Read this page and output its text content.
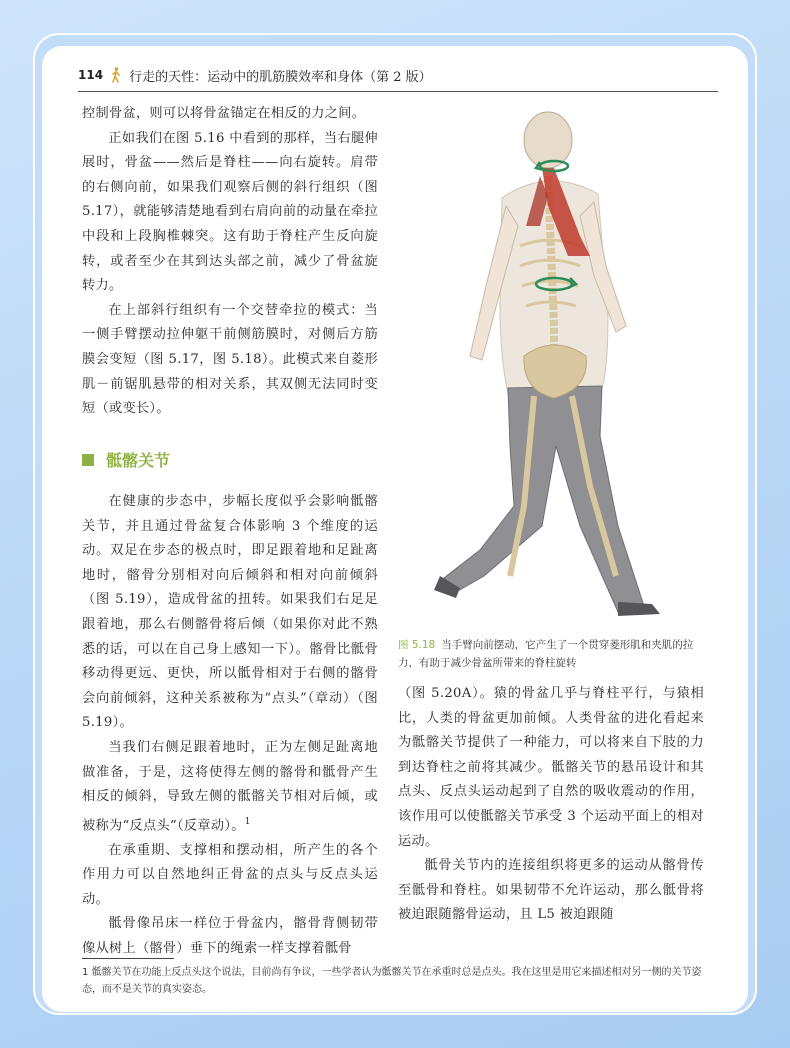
114 行走的天性：运动中的肌筋膜效率和身体（第 2 版）

控制骨盆，则可以将骨盆锚定在相反的力之间。

正如我们在图 5.16 中看到的那样，当右腿伸展时，骨盆——然后是脊柱——向右旋转。肩带的右侧向前，如果我们观察后侧的斜行组织（图 5.17），就能够清楚地看到右肩向前的动量在牵拉中段和上段胸椎棘突。这有助于脊柱产生反向旋转，或者至少在其到达头部之前，减少了骨盆旋转力。

在上部斜行组织有一个交替牵拉的模式：当一侧手臂摆动拉伸躯干前侧筋膜时，对侧后方筋膜会变短（图 5.17，图 5.18）。此模式来自菱形肌－前锯肌悬带的相对关系，其双侧无法同时变短（或变长）。

骶髂关节

在健康的步态中，步幅长度似乎会影响骶髂关节，并且通过骨盆复合体影响 3 个维度的运动。双足在步态的极点时，即足跟着地和足趾离地时，髂骨分别相对向后倾斜和相对向前倾斜（图 5.19），造成骨盆的扭转。如果我们右足足跟着地，那么右侧髂骨将后倾（如果你对此不熟悉的话，可以在自己身上感知一下）。髂骨比骶骨移动得更远、更快，所以骶骨相对于右侧的髂骨会向前倾斜，这种关系被称为“点头”（章动）（图 5.19）。

当我们右侧足跟着地时，正为左侧足趾离地做准备，于是，这将使得左侧的髂骨和骶骨产生相反的倾斜，导致左侧的骶髂关节相对后倾，或被称为“反点头”（反章动）。$^1$

在承重期、支撑相和摆动相，所产生的各个作用力可以自然地纠正骨盆的点头与反点头运动。

骶骨像吊床一样位于骨盆内，髂骨背侧韧带像从树上（髂骨）垂下的绳索一样支撑着骶骨

图 5.18 当手臂向前摆动，它产生了一个贯穿菱形肌和夹肌的拉力，有助于减少骨盆所带来的脊柱旋转

（图 5.20A）。猿的骨盆几乎与脊柱平行，与猿相比，人类的骨盆更加前倾。人类骨盆的进化看起来为骶髂关节提供了一种能力，可以将来自下肢的力到达脊柱之前将其减少。骶髂关节的悬吊设计和其点头、反点头运动起到了自然的吸收震动的作用，该作用可以使骶髂关节承受 3 个运动平面上的相对运动。

骶骨关节内的连接组织将更多的运动从髂骨传至骶骨和脊柱。如果韧带不允许运动，那么骶骨将被迫跟随髂骨运动，且 L5 被迫跟随

1 骶髂关节在功能上反点头这个说法，目前尚有争议，一些学者认为骶髂关节在承重时总是点头。我在这里是用它来描述相对另一侧的关节姿态，而不是关节的真实姿态。
